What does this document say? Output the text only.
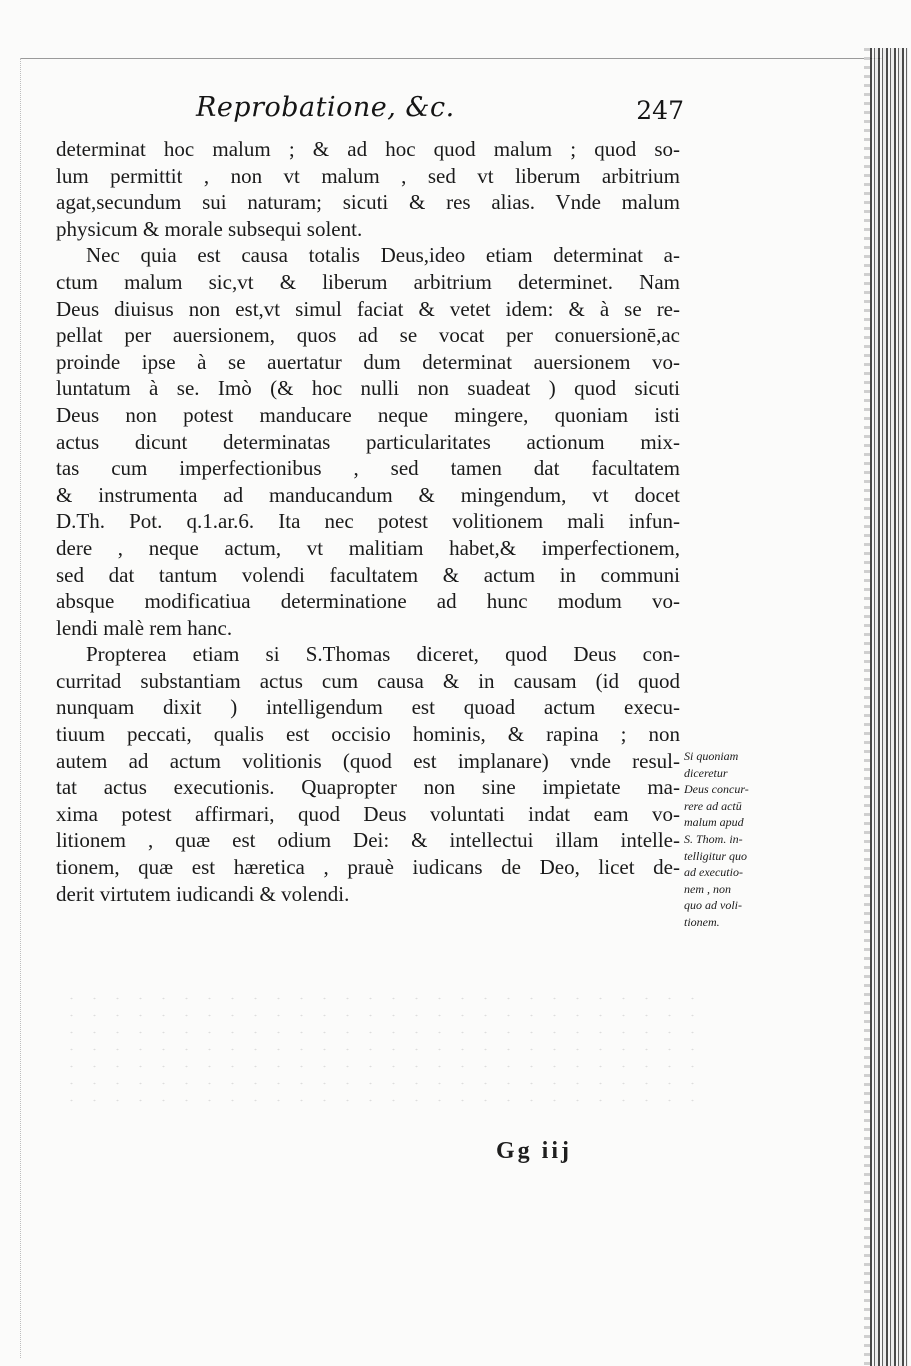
Reprobatione, &c.	247
determinat hoc malum ; & ad hoc quod malum ; quod so-
lum permittit , non vt malum , sed vt liberum arbitrium
agat,secundum sui naturam; sicuti & res alias. Vnde malum
physicum & morale subsequi solent.
Nec quia est causa totalis Deus,ideo etiam determinat a-
ctum malum sic,vt & liberum arbitrium determinet. Nam
Deus diuisus non est,vt simul faciat & vetet idem: & à se re-
pellat per auersionem, quos ad se vocat per conuersionē,ac
proinde ipse à se auertatur dum determinat auersionem vo-
luntatum à se. Imò (& hoc nulli non suadeat ) quod sicuti
Deus non potest manducare neque mingere, quoniam isti
actus dicunt determinatas particularitates actionum mix-
tas cum imperfectionibus , sed tamen dat facultatem
& instrumenta ad manducandum & mingendum, vt docet
D.Th. Pot. q.1.ar.6. Ita nec potest volitionem mali infun-
dere , neque actum, vt malitiam habet,& imperfectionem,
sed dat tantum volendi facultatem & actum in communi
absque modificatiua determinatione ad hunc modum vo-
lendi malè rem hanc.
Propterea etiam si S.Thomas diceret, quod Deus con-
curritad substantiam actus cum causa & in causam (id quod
nunquam dixit ) intelligendum est quoad actum execu-
tiuum peccati, qualis est occisio hominis, & rapina ; non
autem ad actum volitionis (quod est implanare) vnde resul-
tat actus executionis. Quapropter non sine impietate ma-
xima potest affirmari, quod Deus voluntati indat eam vo-
litionem , quæ est odium Dei: & intellectui illam intelle-
tionem, quæ est hæretica , prauè iudicans de Deo, licet de-
derit virtutem iudicandi & volendi.
Si quoniam
diceretur
Deus concur-
rere ad actū
malum apud
S. Thom. in-
telligitur quo
ad executio-
nem , non
quo ad voli-
tionem.
Gg iij
